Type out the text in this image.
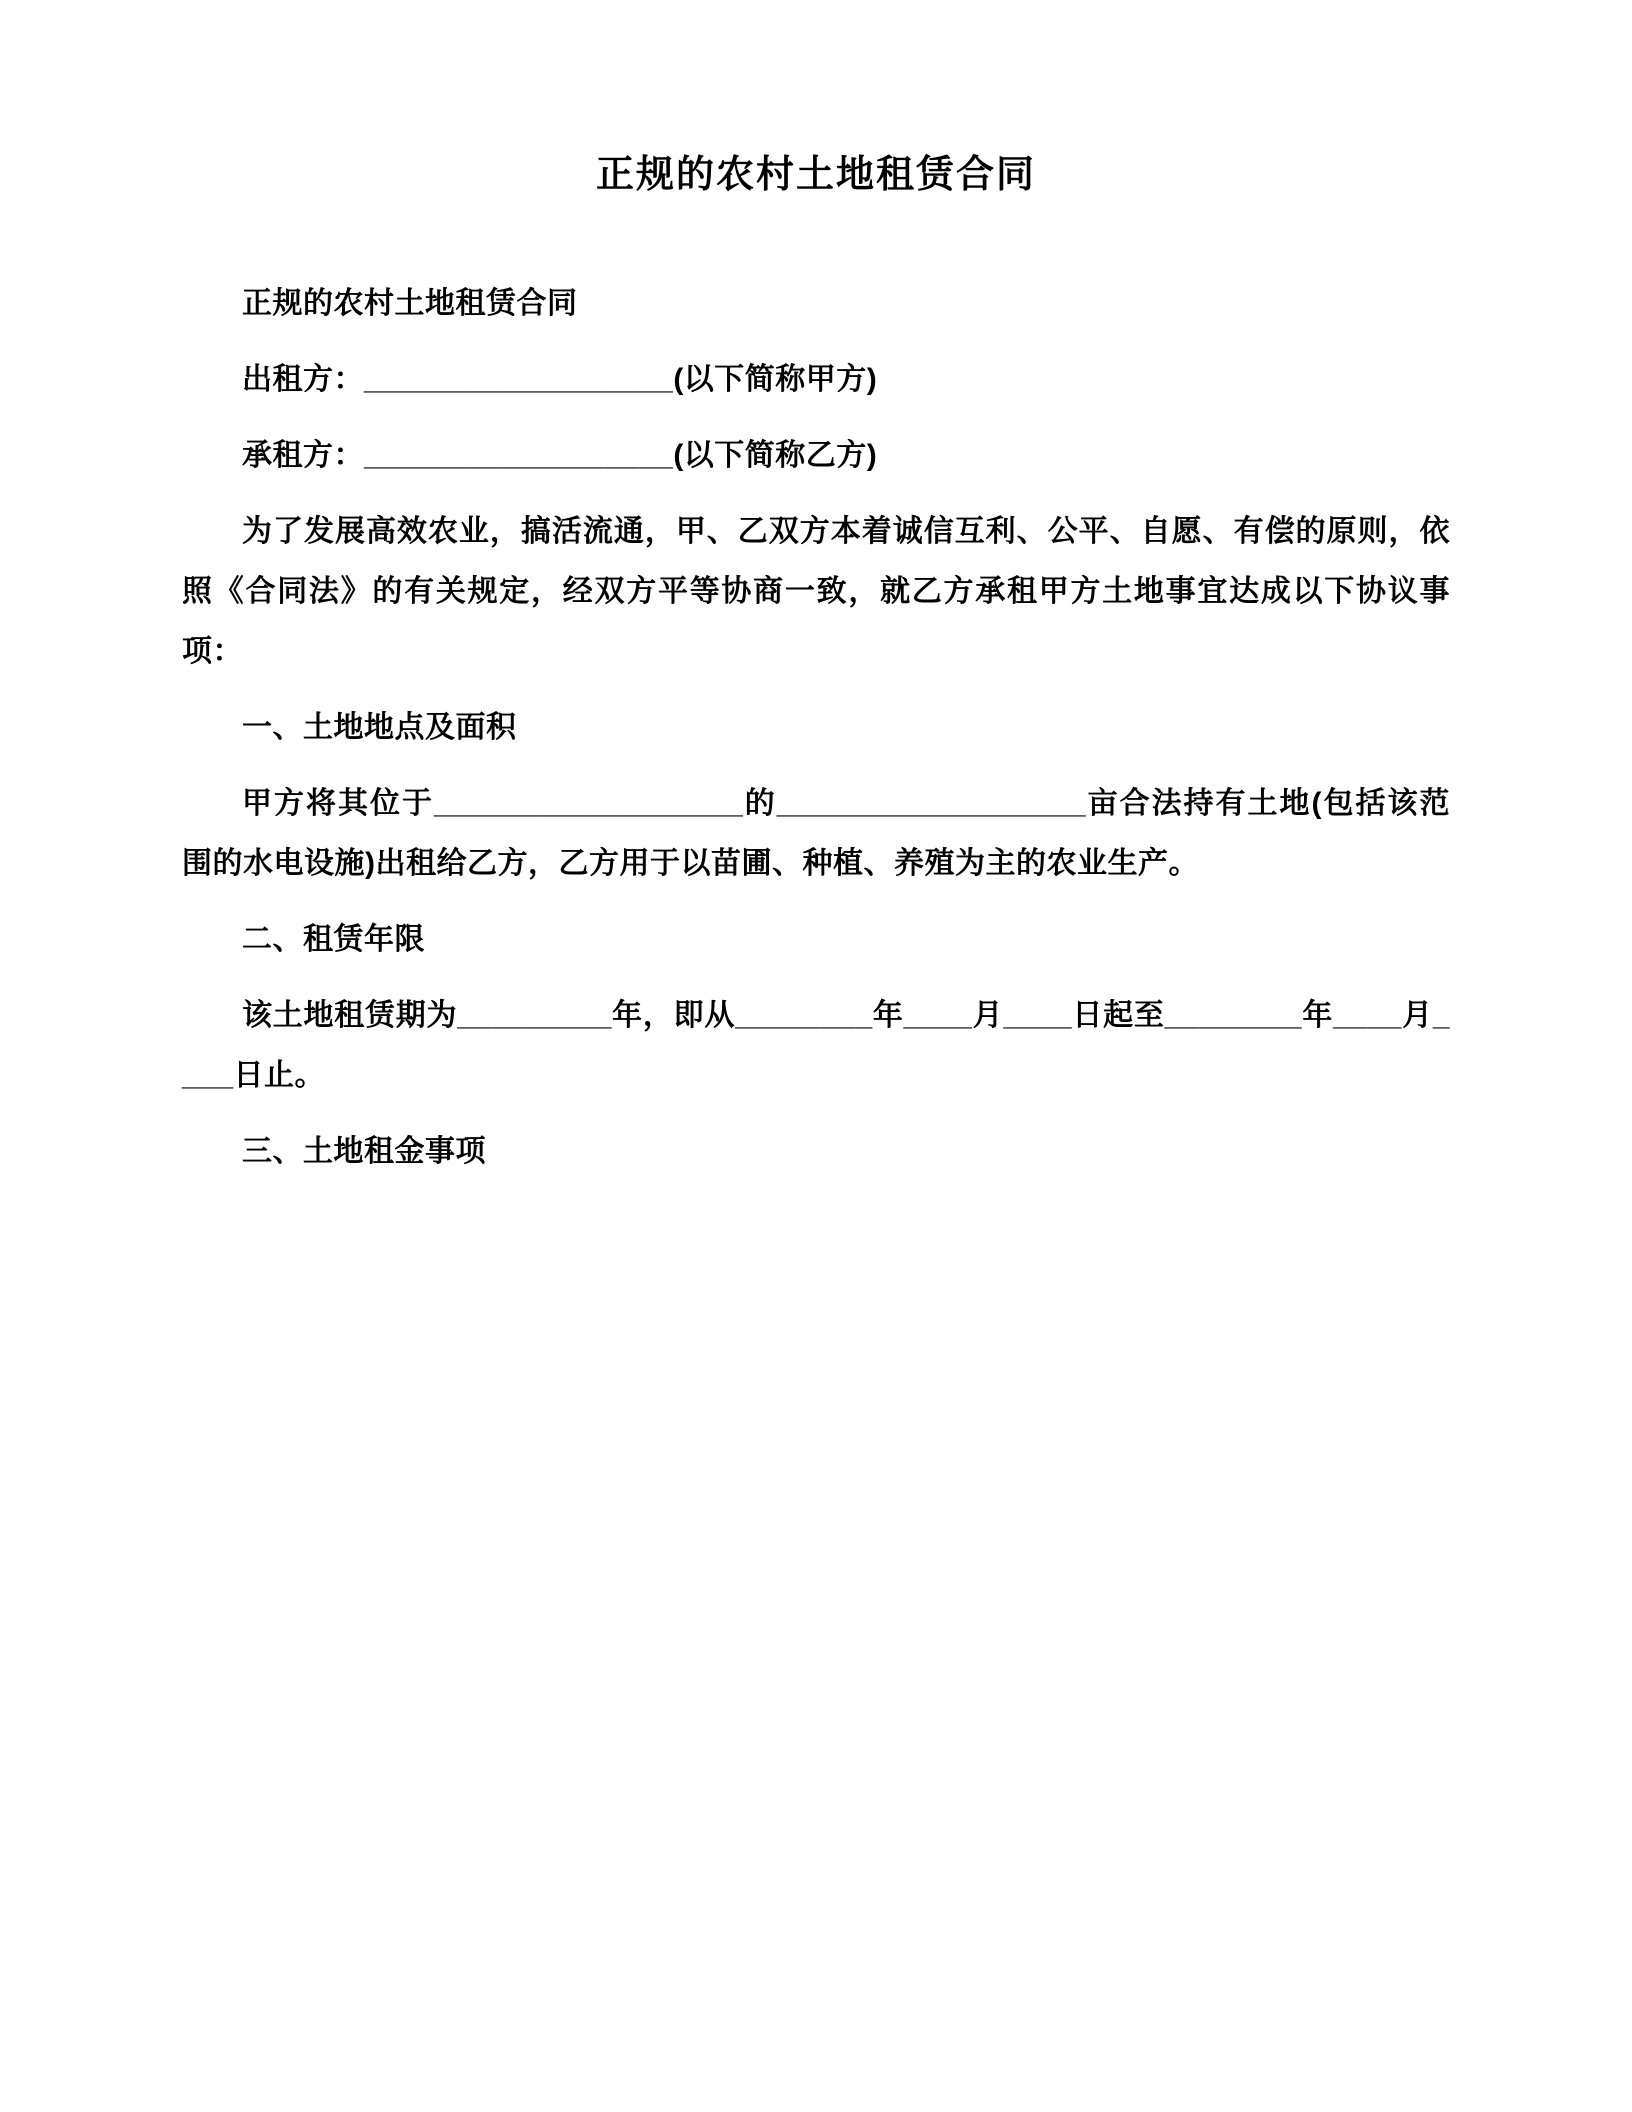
正规的农村土地租赁合同

正规的农村土地租赁合同

出租方：__________________(以下简称甲方)

承租方：__________________(以下简称乙方)

为了发展高效农业，搞活流通，甲、乙双方本着诚信互利、公平、自愿、有偿的原则，依照《合同法》的有关规定，经双方平等协商一致，就乙方承租甲方土地事宜达成以下协议事项：

一、土地地点及面积

甲方将其位于__________________的__________________亩合法持有土地(包括该范围的水电设施)出租给乙方，乙方用于以苗圃、种植、养殖为主的农业生产。

二、租赁年限

该土地租赁期为_________年，即从________年____月____日起至________年____月____日止。

三、土地租金事项
